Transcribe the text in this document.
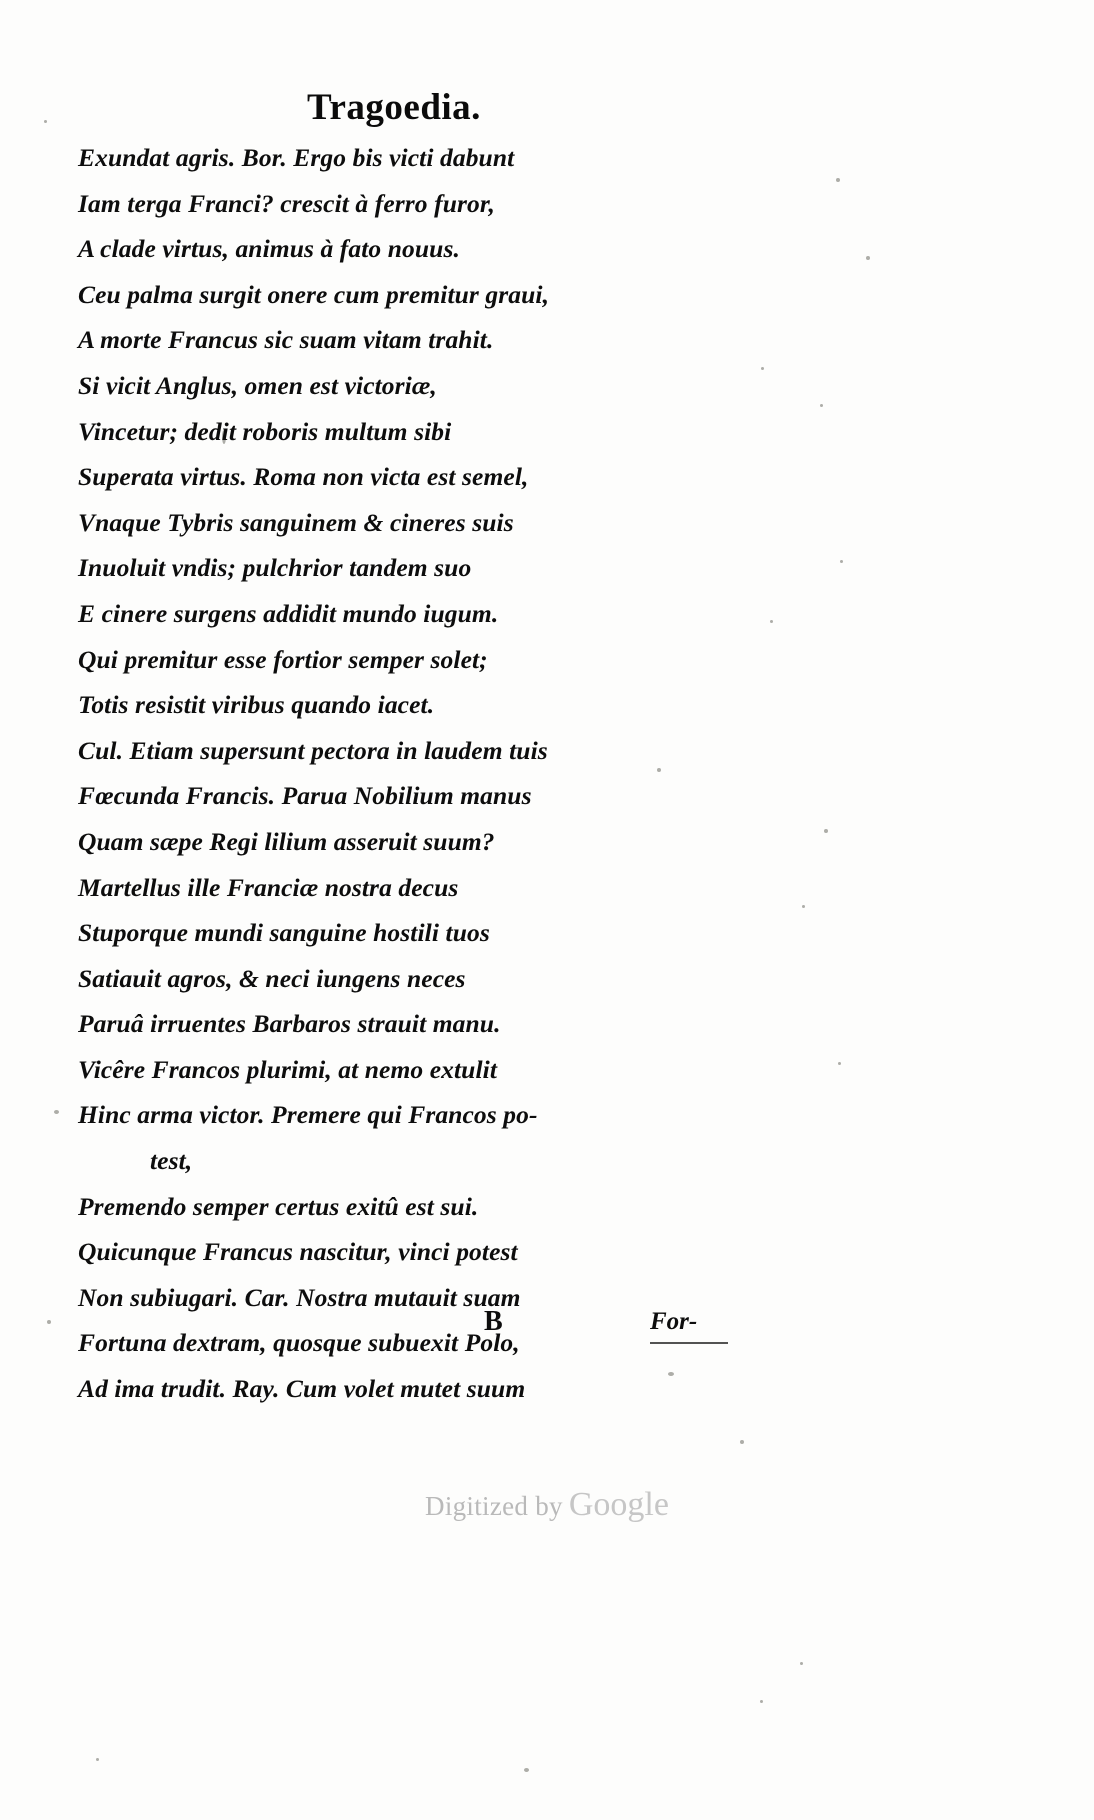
Tragoedia.
Exundat agris. Bor. Ergo bis victi dabunt
Iam terga Franci? crescit à ferro furor,
A clade virtus, animus à fato nouus.
Ceu palma surgit onere cum premitur graui,
A morte Francus sic suam vitam trahit.
Si vicit Anglus, omen est victoriæ,
Vincetur; dedit roboris multum sibi
Superata virtus. Roma non victa est semel,
Vnaque Tybris sanguinem & cineres suis
Inuoluit vndis; pulchrior tandem suo
E cinere surgens addidit mundo iugum.
Qui premitur esse fortior semper solet;
Totis resistit viribus quando iacet.
Cul. Etiam supersunt pectora in laudem tuis
Fœcunda Francis. Parua Nobilium manus
Quam sæpe Regi lilium asseruit suum?
Martellus ille Franciæ nostra decus
Stuporque mundi sanguine hostili tuos
Satiauit agros, & neci iungens neces
Paruâ irruentes Barbaros strauit manu.
Vicêre Francos plurimi, at nemo extulit
Hinc arma victor. Premere qui Francos po-
test,
Premendo semper certus exitû est sui.
Quicunque Francus nascitur, vinci potest
Non subiugari. Car. Nostra mutauit suam
Fortuna dextram, quosque subuexit Polo,
Ad ima trudit. Ray. Cum volet mutet suum
B	For-
Digitized by Google
